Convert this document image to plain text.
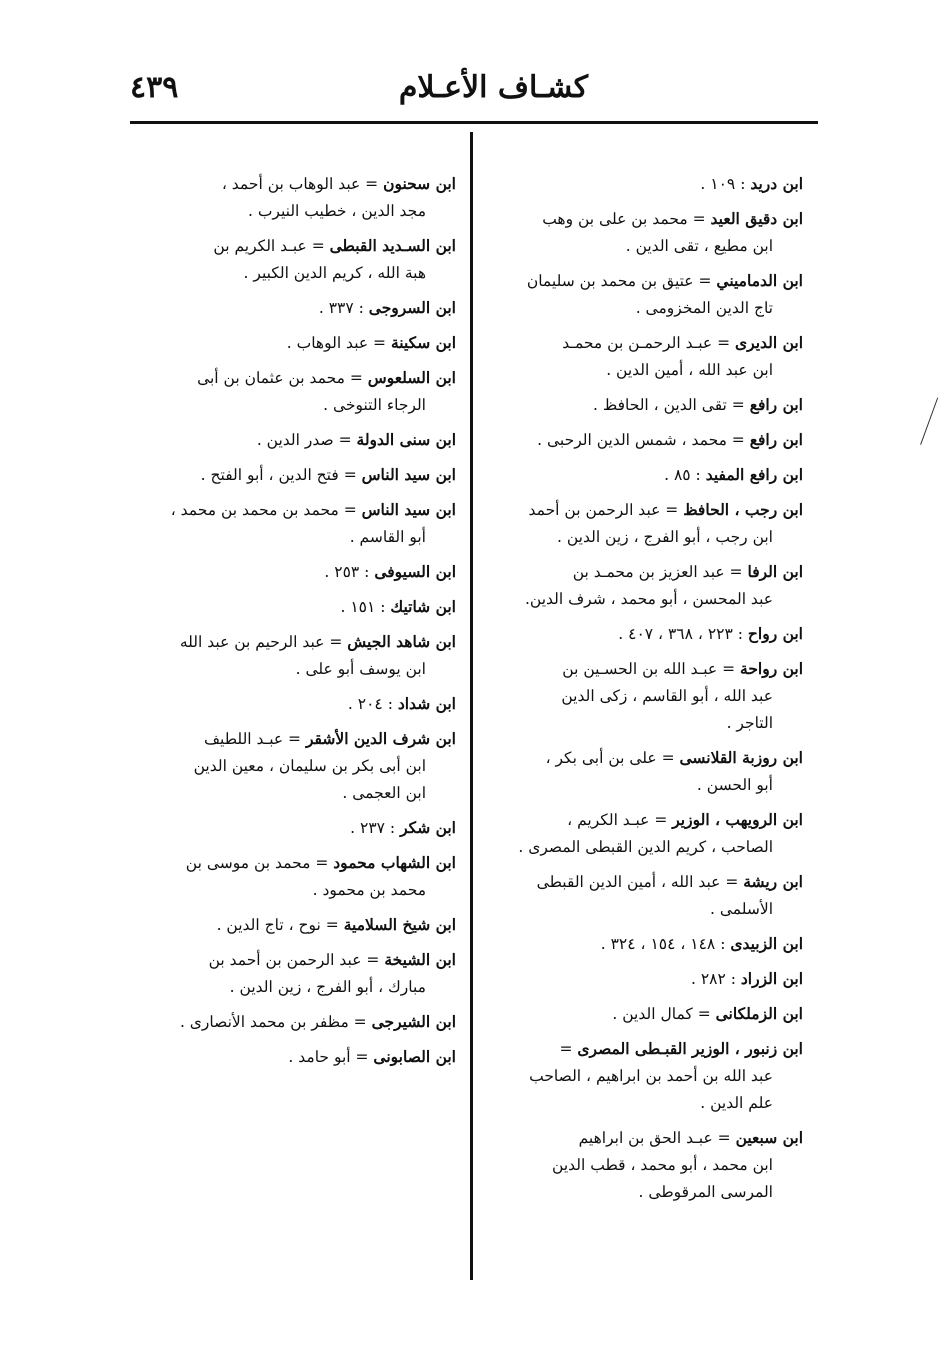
كشـاف الأعـلام
٤٣٩
ابن دريد : ١٠٩ .
ابن دقيق العيد = محمد بن على بن وهب
ابن مطيع ، تقى الدين .
ابن الدماميني = عتيق بن محمد بن سليمان
تاج الدين المخزومى .
ابن الديرى = عبـد الرحمـن بن محمـد
ابن عبد الله ، أمين الدين .
ابن رافع = تقى الدين ، الحافظ .
ابن رافع = محمد ، شمس الدين الرحبى .
ابن رافع المفيد : ٨٥ .
ابن رجب ، الحافظ = عبد الرحمن بن أحمد
ابن رجب ، أبو الفرج ، زين الدين .
ابن الرفا = عبد العزيز بن محمـد بن
عبد المحسن ، أبو محمد ، شرف الدين.
ابن رواح : ٢٢٣ ، ٣٦٨ ، ٤٠٧ .
ابن رواحة = عبـد الله بن الحسـين بن
عبد الله ، أبو القاسم ، زكى الدين
التاجر .
ابن روزبة القلانسى = على بن أبى بكر ،
أبو الحسن .
ابن الرويهب ، الوزير = عبـد الكريم ،
الصاحب ، كريم الدين القبطى المصرى .
ابن ريشة = عبد الله ، أمين الدين القبطى
الأسلمى .
ابن الزبيدى : ١٤٨ ، ١٥٤ ، ٣٢٤ .
ابن الزراد : ٢٨٢ .
ابن الزملكانى = كمال الدين .
ابن زنبور ، الوزير القبـطى المصرى =
عبد الله بن أحمد بن ابراهيم ، الصاحب
علم الدين .
ابن سبعين = عبـد الحق بن ابراهيم
ابن محمد ، أبو محمد ، قطب الدين
المرسى المرقوطى .
ابن سحنون = عبد الوهاب بن أحمد ،
مجد الدين ، خطيب النيرب .
ابن السـديد القبطى = عبـد الكريم بن
هبة الله ، كريم الدين الكبير .
ابن السروجى : ٣٣٧ .
ابن سكينة = عبد الوهاب .
ابن السلعوس = محمد بن عثمان بن أبى
الرجاء التنوخى .
ابن سنى الدولة = صدر الدين .
ابن سيد الناس = فتح الدين ، أبو الفتح .
ابن سيد الناس = محمد بن محمد بن محمد ،
أبو القاسم .
ابن السيوفى : ٢٥٣ .
ابن شاتيك : ١٥١ .
ابن شاهد الجيش = عبد الرحيم بن عبد الله
ابن يوسف أبو على .
ابن شداد : ٢٠٤ .
ابن شرف الدين الأشقر = عبـد اللطيف
ابن أبى بكر بن سليمان ، معين الدين
ابن العجمى .
ابن شكر : ٢٣٧ .
ابن الشهاب محمود = محمد بن موسى بن
محمد بن محمود .
ابن شيخ السلامية = نوح ، تاج الدين .
ابن الشيخة = عبد الرحمن بن أحمد بن
مبارك ، أبو الفرج ، زين الدين .
ابن الشيرجى = مظفر بن محمد الأنصارى .
ابن الصابونى = أبو حامد .
